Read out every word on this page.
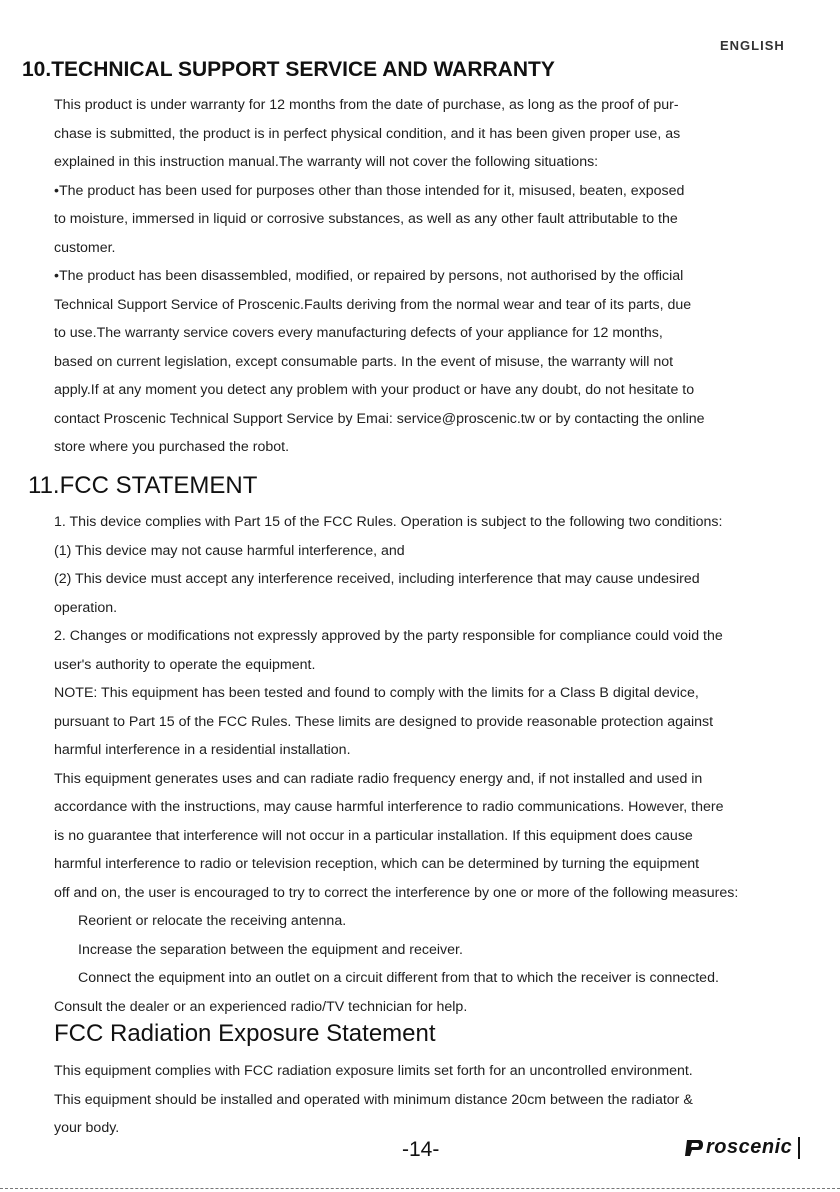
ENGLISH
10.TECHNICAL SUPPORT SERVICE AND WARRANTY
This product is under warranty for 12 months from the date of purchase, as long as the proof of pur-
chase is submitted, the product is in perfect physical condition, and it has been given proper use, as
explained in this instruction manual.The warranty will not cover the following situations:
•The product has been used for purposes other than those intended for it, misused, beaten, exposed
to moisture, immersed in liquid or corrosive substances, as well as any other fault attributable to the
customer.
•The product has been disassembled, modified, or repaired by persons, not authorised by the official
Technical Support Service of Proscenic.Faults deriving from the normal wear and tear of its parts, due
to use.The warranty service covers every manufacturing defects of your appliance for 12 months,
based on current legislation, except consumable parts. In the event of misuse, the warranty will not
apply.If at any moment you detect any problem with your product or have any doubt, do not hesitate to
contact Proscenic Technical Support Service by Emai: service@proscenic.tw or by contacting the online
store where you purchased the robot.
11.FCC STATEMENT
1. This device complies with Part 15 of the FCC Rules. Operation is subject to the following two conditions:
(1) This device may not cause harmful interference, and
(2) This device must accept any interference received, including interference that may cause undesired
operation.
2. Changes or modifications not expressly approved by the party responsible for compliance could void the
user's authority to operate the equipment.
NOTE: This equipment has been tested and found to comply with the limits for a Class B digital device,
pursuant to Part 15 of the FCC Rules. These limits are designed to provide reasonable protection against
harmful interference in a residential installation.
This equipment generates uses and can radiate radio frequency energy and, if not installed and used in
accordance with the instructions, may cause harmful interference to radio communications. However, there
is no guarantee that interference will not occur in a particular installation. If this equipment does cause
harmful interference to radio or television reception, which can be determined by turning the equipment
off and on, the user is encouraged to try to correct the interference by one or more of the following measures:
Reorient or relocate the receiving antenna.
Increase the separation between the equipment and receiver.
Connect the equipment into an outlet on a circuit different from that to which the receiver is connected.
Consult the dealer or an experienced radio/TV technician for help.
FCC Radiation Exposure Statement
This equipment complies with FCC radiation exposure limits set forth for an uncontrolled environment.
This equipment should be installed and operated with minimum distance 20cm between the radiator &
your body.
-14-	roscenic
